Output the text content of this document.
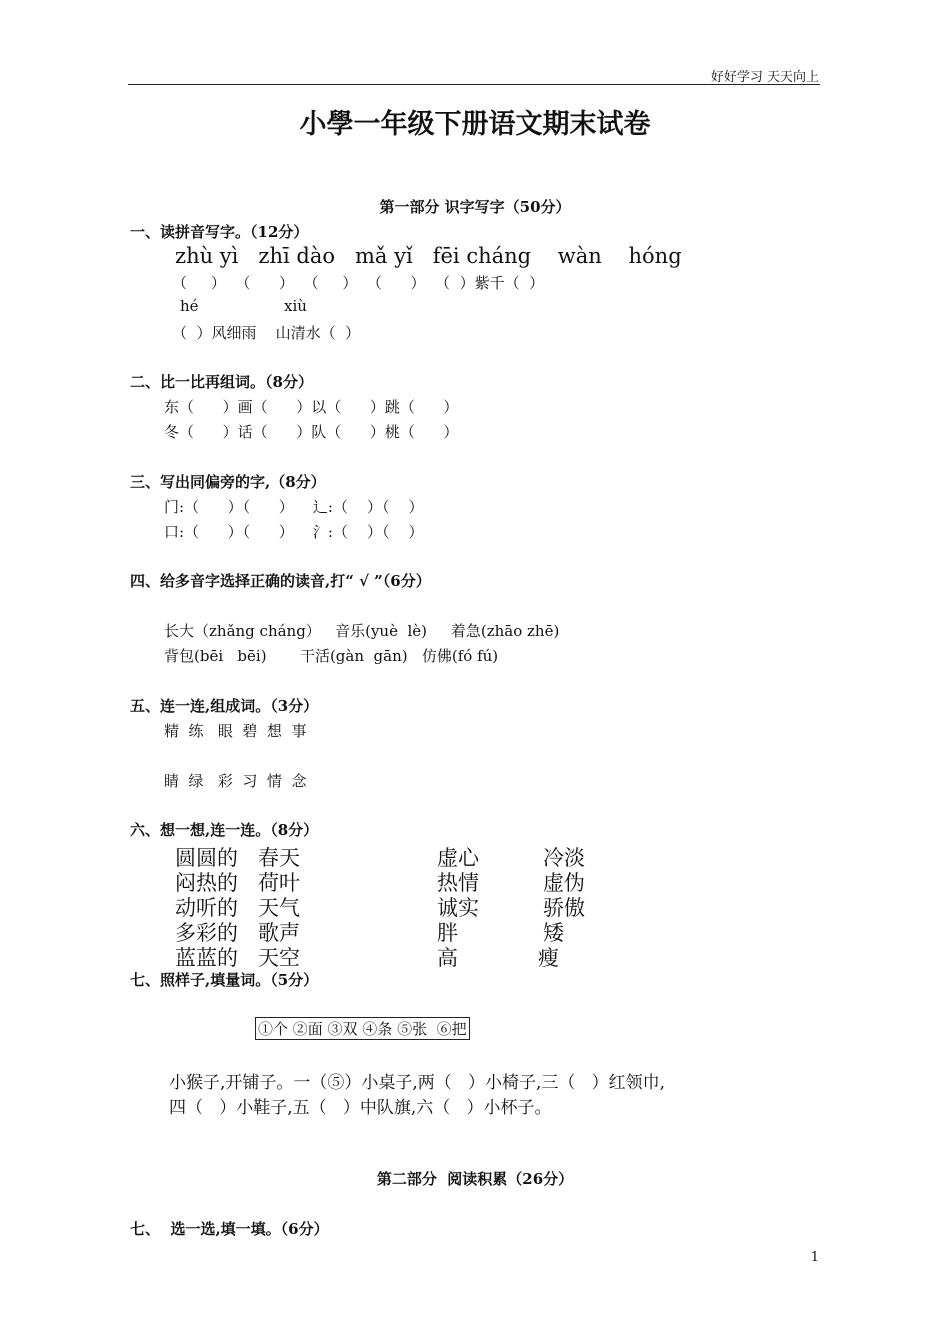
好好学习 天天向上
小學一年级下册语文期末试卷
第一部分 识字写字（50分）
一、读拼音写字。（12分）
zhù yì   zhī dào   mǎ yǐ   fēi cháng    wàn    hóng
（     ）  （      ）  （     ）  （      ）  （  ）紫千（  ）
hé	xiù
（  ）风细雨    山清水（  ）
二、比一比再组词。（8分）
东（      ）画（      ）以（      ）跳（      ）
冬（      ）话（      ）队（      ）桃（      ）
三、写出同偏旁的字,（8分）
门:（      ）（      ）    辶:（    ）（    ）
口:（      ）（      ）    氵:（    ）（    ）
四、给多音字选择正确的读音,打“ √ ”（6分）
长大（zhǎng cháng）   音乐(yuè  lè)     着急(zhāo zhē)
背包(bēi   bēi)       干活(gàn  gān)   仿佛(fó fú)
五、连一连,组成词。（3分）
精  练   眼  碧  想  事
睛  绿   彩  习  情  念
六、想一想,连一连。（8分）
圆圆的
闷热的
动听的
多彩的
蓝蓝的
春天
荷叶
天气
歌声
天空
虚心
热情
诚实
胖
高
冷淡
虚伪
骄傲
矮
瘦
七、照样子,填量词。（5分）
①个 ②面 ③双 ④条 ⑤张  ⑥把
小猴子,开铺子。一（⑤）小桌子,两（   ）小椅子,三（   ）红领巾,
四（   ）小鞋子,五（   ）中队旗,六（   ）小杯子。
第二部分  阅读积累（26分）
七、  选一选,填一填。（6分）
1
